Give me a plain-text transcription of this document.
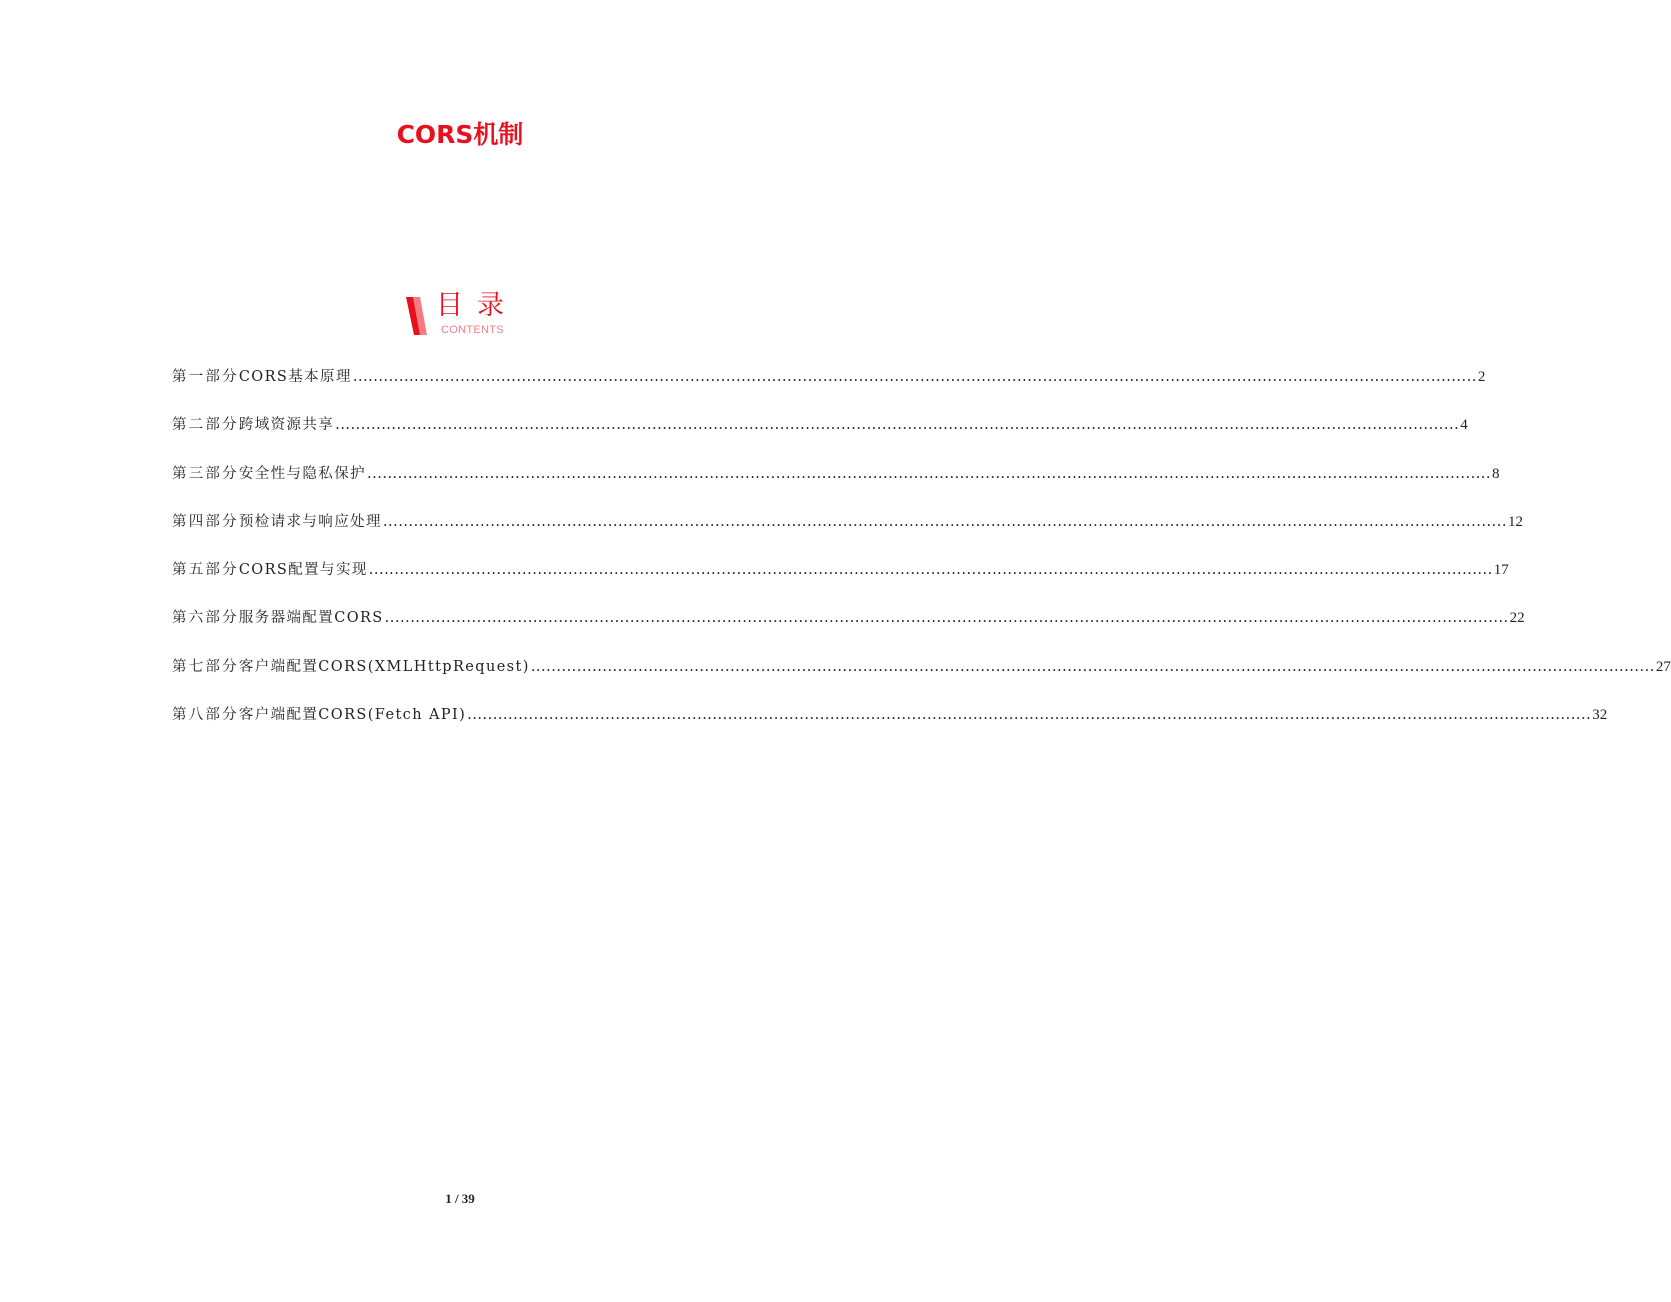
CORS机制
目录
CONTENTS
第一部分 CORS基本原理 ............................................................................................................................................................................................................................ 2
第二部分 跨域资源共享 ............................................................................................................................................................................................................................ 4
第三部分 安全性与隐私保护 ............................................................................................................................................................................................................................ 8
第四部分 预检请求与响应处理 ............................................................................................................................................................................................................................ 12
第五部分 CORS配置与实现 ............................................................................................................................................................................................................................ 17
第六部分 服务器端配置CORS ............................................................................................................................................................................................................................ 22
第七部分 客户端配置CORS(XMLHttpRequest) ............................................................................................................................................................................................................................ 27
第八部分 客户端配置CORS(Fetch API) ............................................................................................................................................................................................................................ 32
1 / 39
